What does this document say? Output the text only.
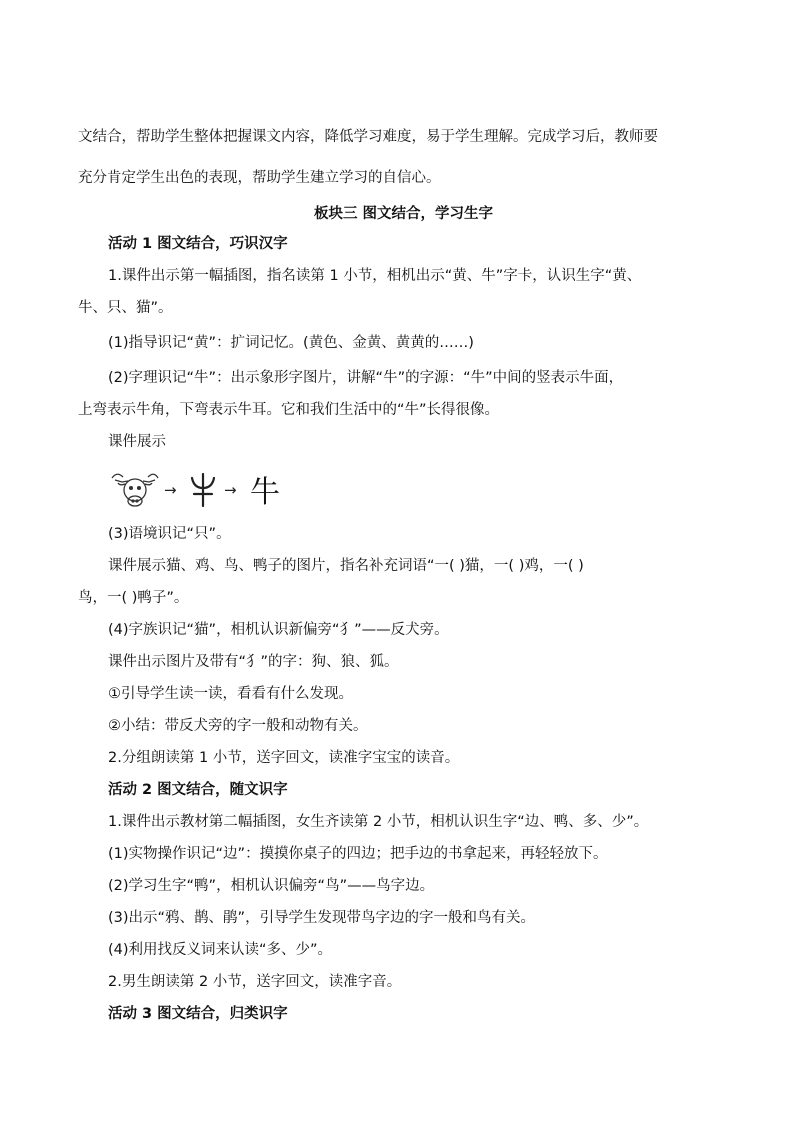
文结合，帮助学生整体把握课文内容，降低学习难度，易于学生理解。完成学习后，教师要
充分肯定学生出色的表现，帮助学生建立学习的自信心。
板块三 图文结合，学习生字
活动 1 图文结合，巧识汉字
1.课件出示第一幅插图，指名读第 1 小节，相机出示“黄、牛”字卡，认识生字“黄、
牛、只、猫”。
(1)指导识记“黄”：扩词记忆。(黄色、金黄、黄黄的……)
(2)字理识记“牛”：出示象形字图片，讲解“牛”的字源：“牛”中间的竖表示牛面，
上弯表示牛角，下弯表示牛耳。它和我们生活中的“牛”长得很像。
课件展示
→	→ 牛
(3)语境识记“只”。
课件展示猫、鸡、鸟、鸭子的图片，指名补充词语“一( )猫，一( )鸡，一( )
鸟，一( )鸭子”。
(4)字族识记“猫”，相机认识新偏旁“犭”——反犬旁。
课件出示图片及带有“犭”的字：狗、狼、狐。
①引导学生读一读，看看有什么发现。
②小结：带反犬旁的字一般和动物有关。
2.分组朗读第 1 小节，送字回文，读准字宝宝的读音。
活动 2 图文结合，随文识字
1.课件出示教材第二幅插图，女生齐读第 2 小节，相机认识生字“边、鸭、多、少”。
(1)实物操作识记“边”：摸摸你桌子的四边；把手边的书拿起来，再轻轻放下。
(2)学习生字“鸭”，相机认识偏旁“鸟”——鸟字边。
(3)出示“鸦、鹊、鹃”，引导学生发现带鸟字边的字一般和鸟有关。
(4)利用找反义词来认读“多、少”。
2.男生朗读第 2 小节，送字回文，读准字音。
活动 3 图文结合，归类识字
